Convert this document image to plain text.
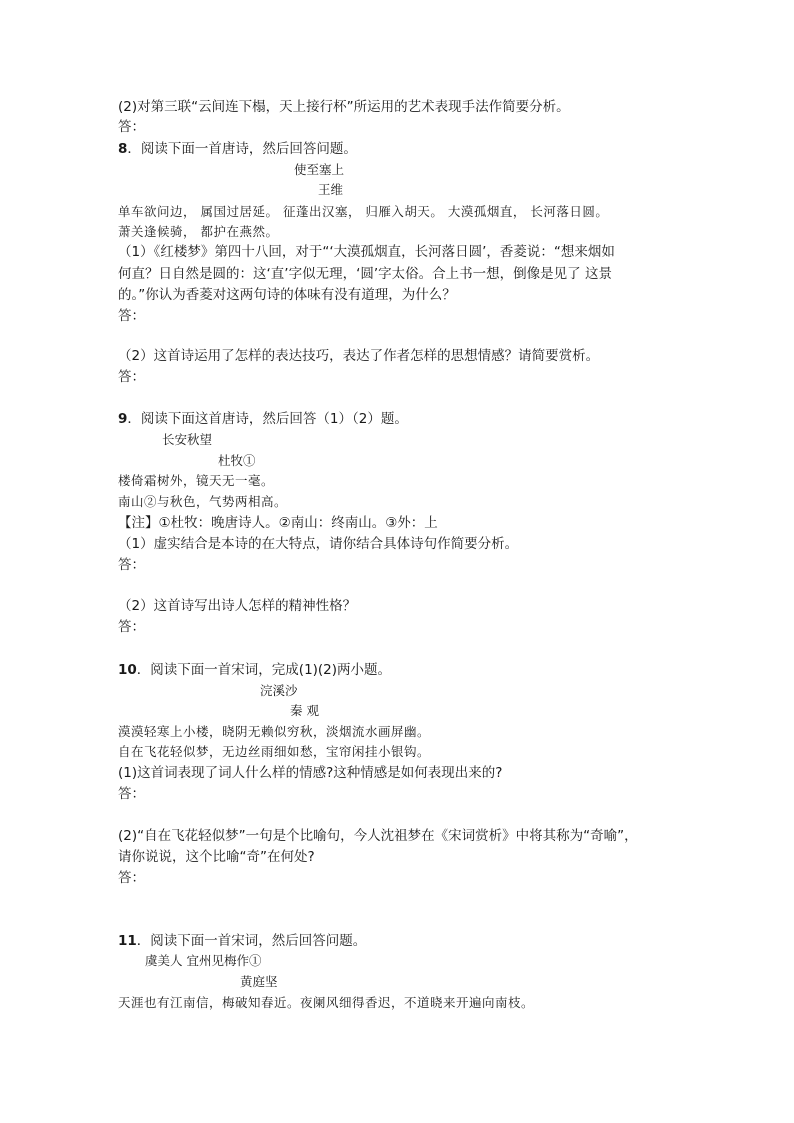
(2)对第三联“云间连下榻，天上接行杯”所运用的艺术表现手法作简要分析。
答：
8．阅读下面一首唐诗，然后回答问题。
使至塞上
王维
单车欲问边， 属国过居延。 征蓬出汉塞， 归雁入胡天。 大漠孤烟直， 长河落日圆。
萧关逢候骑， 都护在燕然。
（1）《红楼梦》第四十八回，对于“‘大漠孤烟直，长河落日圆’，香菱说：“想来烟如
何直？日自然是圆的：这‘直’字似无理，‘圆’字太俗。合上书一想，倒像是见了 这景
的。”你认为香菱对这两句诗的体味有没有道理，为什么？
答：
（2）这首诗运用了怎样的表达技巧，表达了作者怎样的思想情感？请简要赏析。
答：
9．阅读下面这首唐诗，然后回答（1）（2）题。
长安秋望
杜牧①
楼倚霜树外，镜天无一毫。
南山②与秋色，气势两相高。
【注】①杜牧：晚唐诗人。②南山：终南山。③外：上
（1）虚实结合是本诗的在大特点，请你结合具体诗句作简要分析。
答：
（2）这首诗写出诗人怎样的精神性格？
答：
10．阅读下面一首宋词，完成(1)(2)两小题。
浣溪沙
秦 观
漠漠轻寒上小楼，晓阴无赖似穷秋，淡烟流水画屏幽。
自在飞花轻似梦，无边丝雨细如愁，宝帘闲挂小银钩。
(1)这首词表现了词人什么样的情感?这种情感是如何表现出来的?
答：
(2)“自在飞花轻似梦”一句是个比喻句，今人沈祖梦在《宋词赏析》中将其称为“奇喻”，
请你说说，这个比喻“奇”在何处?
答：
11．阅读下面一首宋词，然后回答问题。
虞美人 宜州见梅作①
黄庭坚
天涯也有江南信，梅破知春近。夜阑风细得香迟，不道晓来开遍向南枝。
